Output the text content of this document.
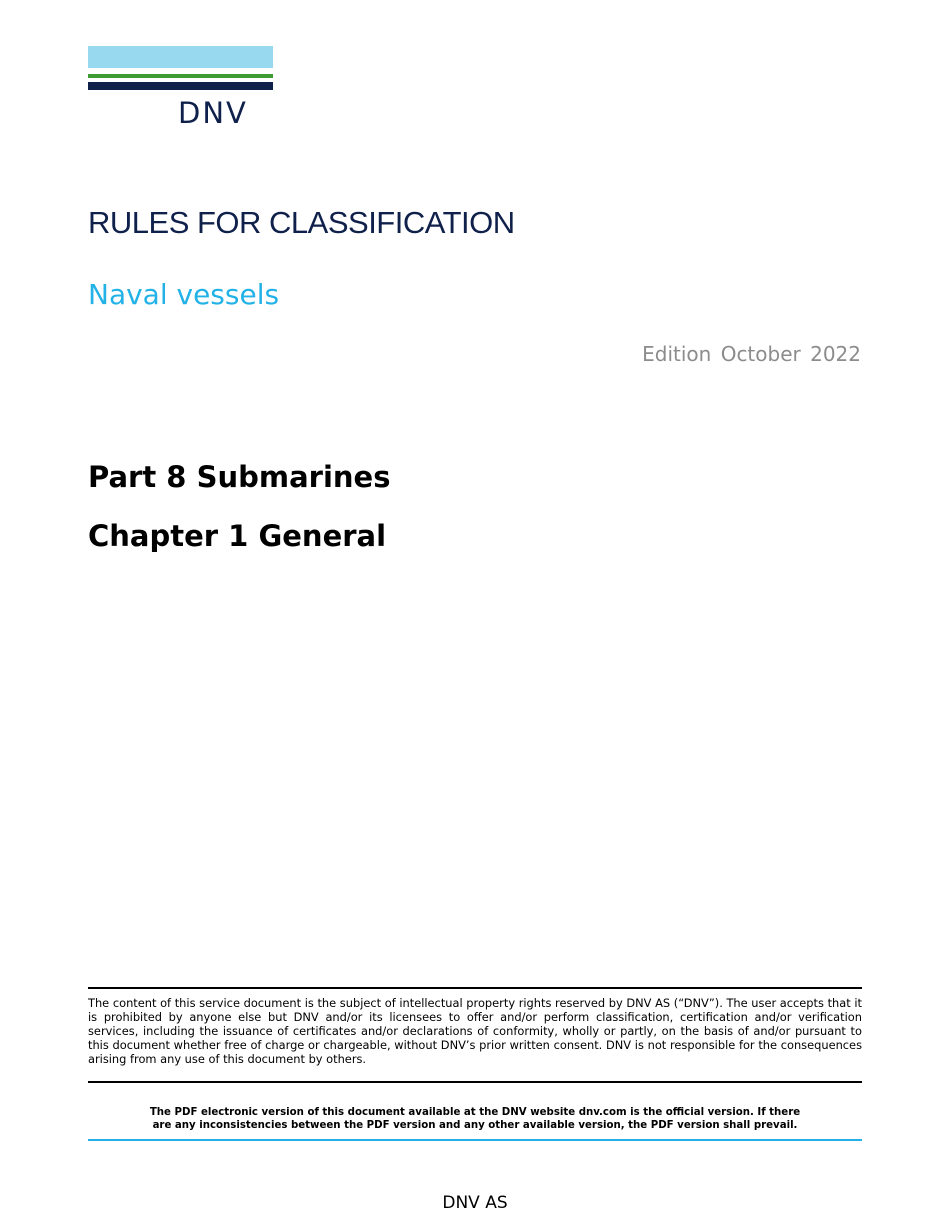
DNV
RULES FOR CLASSIFICATION
Naval vessels
Edition October 2022
Part 8 Submarines
Chapter 1 General

The content of this service document is the subject of intellectual property rights reserved by DNV AS (“DNV”). The user accepts that it is prohibited by anyone else but DNV and/or its licensees to offer and/or perform classification, certification and/or verification services, including the issuance of certificates and/or declarations of conformity, wholly or partly, on the basis of and/or pursuant to this document whether free of charge or chargeable, without DNV’s prior written consent. DNV is not responsible for the consequences arising from any use of this document by others.

The PDF electronic version of this document available at the DNV website dnv.com is the official version. If there
are any inconsistencies between the PDF version and any other available version, the PDF version shall prevail.
DNV AS
